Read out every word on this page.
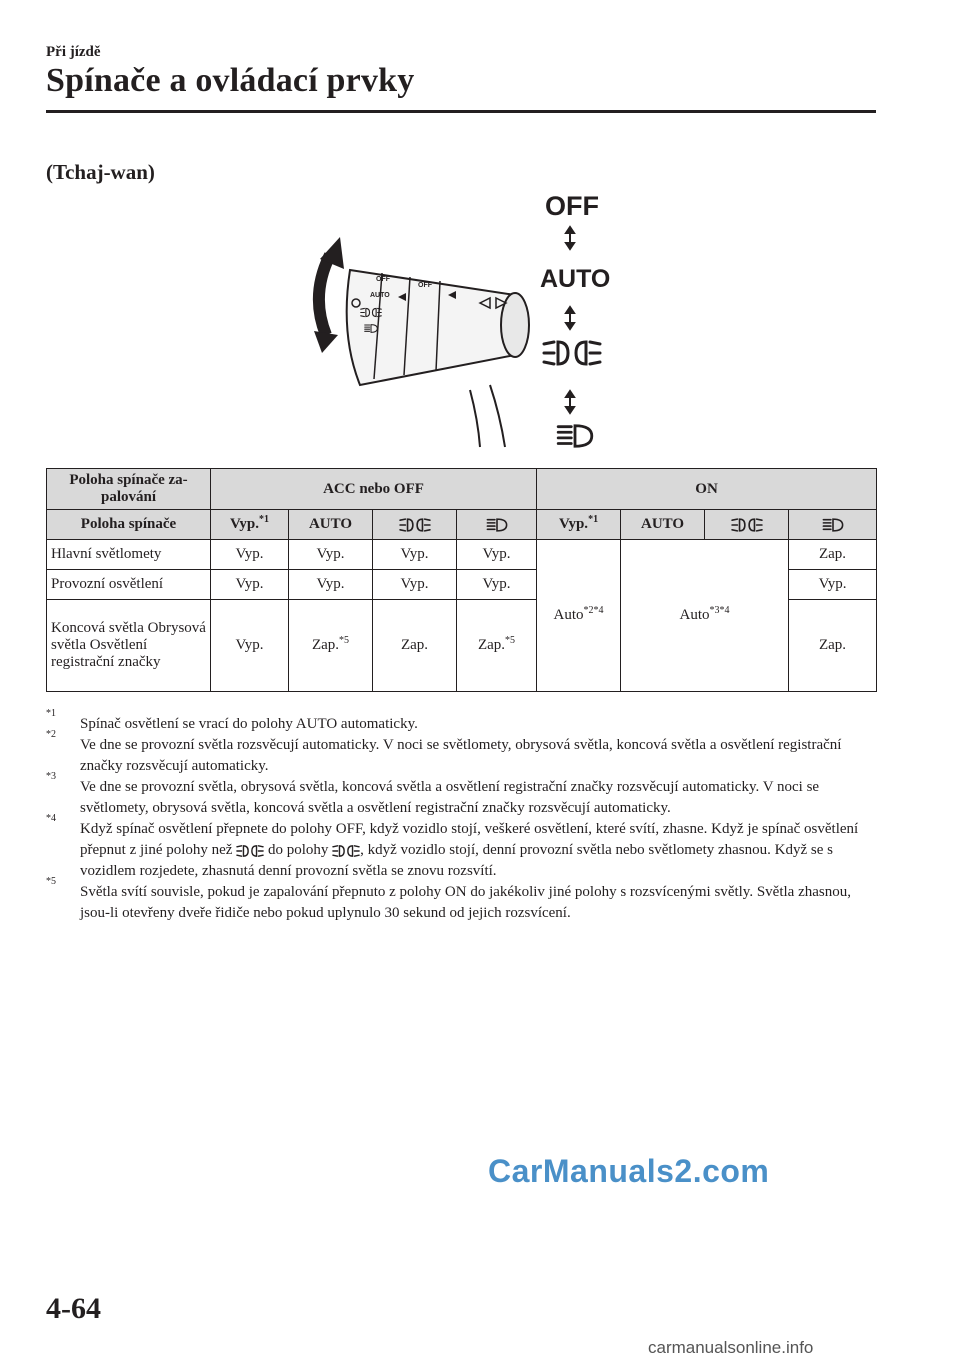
Při jízdě
Spínače a ovládací prvky
(Tchaj-wan)
OFF
AUTO
OFF
OFF
AUTO
Poloha spínače za-palování	ACC nebo OFF				ON			
Poloha spínače	Vyp.$^{*1}$	AUTO			Vyp.$^{*1}$	AUTO		
Hlavní světlomety	Vyp.	Vyp.	Vyp.	Vyp.	Auto$^{*2*4}$	Auto$^{*3*4}$		Zap.
Provozní osvětlení	Vyp.	Vyp.	Vyp.	Vyp.				Vyp.
Koncová světla Obrysová světla Osvětlení registrační značky	Vyp.	Zap.$^{*5}$	Zap.	Zap.$^{*5}$				Zap.

*1
Spínač osvětlení se vrací do polohy AUTO automaticky.

*2
Ve dne se provozní světla rozsvěcují automaticky. V noci se světlomety, obrysová světla, koncová světla a osvětlení registrační značky rozsvěcují automaticky.

*3
Ve dne se provozní světla, obrysová světla, koncová světla a osvětlení registrační značky rozsvěcují automaticky. V noci se světlomety, obrysová světla, koncová světla a osvětlení registrační značky rozsvěcují automaticky.

*4
Když spínač osvětlení přepnete do polohy OFF, když vozidlo stojí, veškeré osvětlení, které svítí, zhasne. Když je spínač osvětlení přepnut z jiné polohy než do polohy , když vozidlo stojí, denní provozní světla nebo světlomety zhasnou. Když se s vozidlem rozjedete, zhasnutá denní provozní světla se znovu rozsvítí.

*5
Světla svítí souvisle, pokud je zapalování přepnuto z polohy ON do jakékoliv jiné polohy s rozsvícenými světly. Světla zhasnou, jsou-li otevřeny dveře řidiče nebo pokud uplynulo 30 sekund od jejich rozsvícení.

CarManuals2.com
4-64
carmanualsonline.info
